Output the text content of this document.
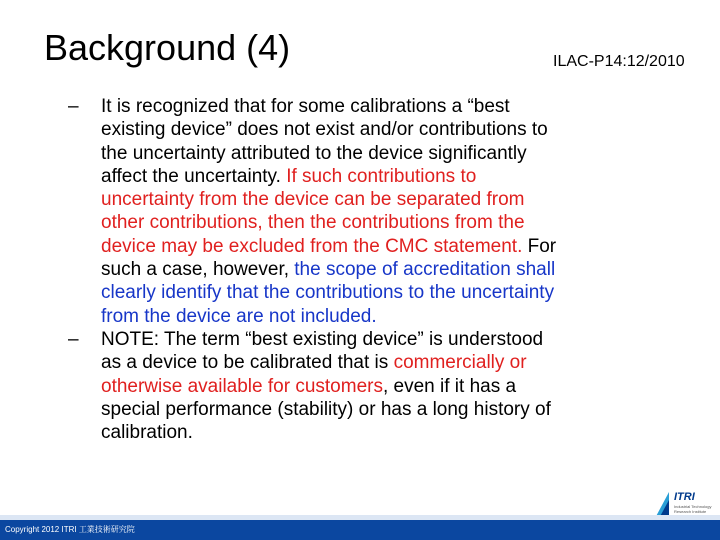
Background (4)	ILAC-P14:12/2010
– It is recognized that for some calibrations a “best
existing device” does not exist and/or contributions to
the uncertainty attributed to the device significantly
affect the uncertainty. If such contributions to
uncertainty from the device can be separated from
other contributions, then the contributions from the
device may be excluded from the CMC statement. For
such a case, however, the scope of accreditation shall
clearly identify that the contributions to the uncertainty
from the device are not included.
– NOTE: The term “best existing device” is understood
as a device to be calibrated that is commercially or
otherwise available for customers, even if it has a
special performance (stability) or has a long history of
calibration.
ITRI
Industrial Technology
Research Institute
Copyright 2012 ITRI 工業技術研究院
